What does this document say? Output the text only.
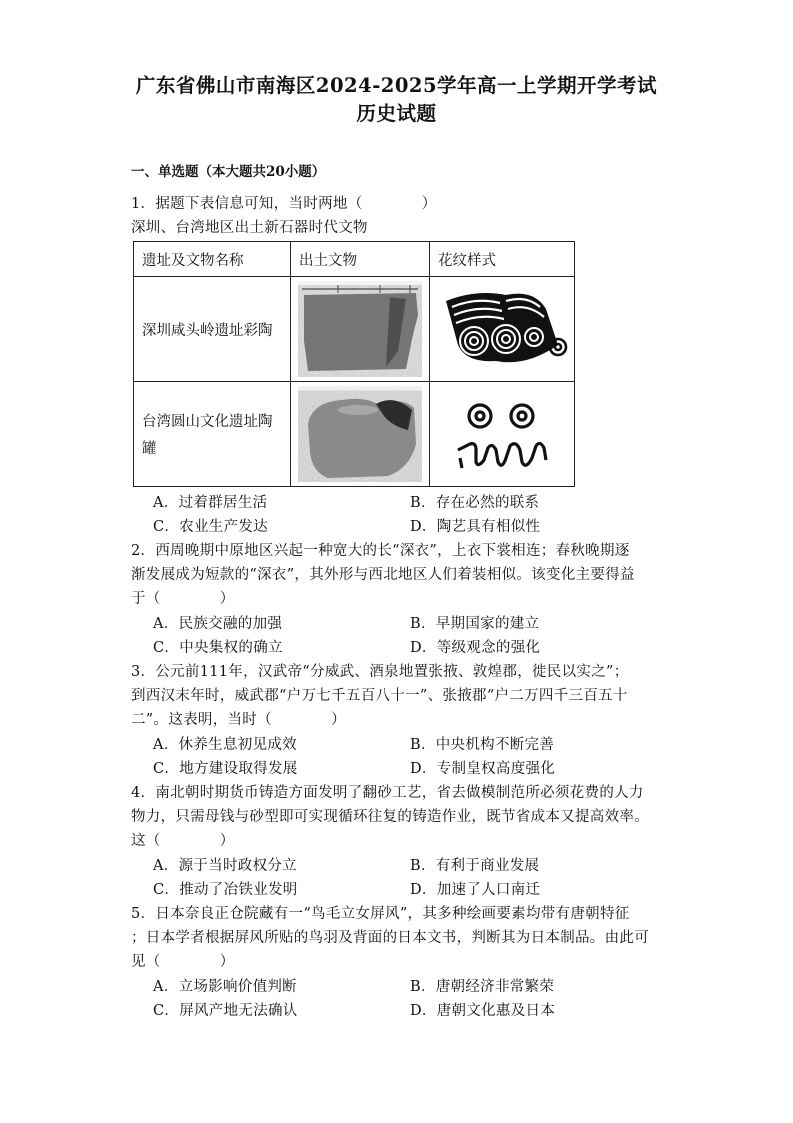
广东省佛山市南海区2024-2025学年高一上学期开学考试
历史试题
一、单选题（本大题共20小题）
1．据题下表信息可知，当时两地（　　　　）
深圳、台湾地区出土新石器时代文物
遗址及文物名称	出土文物	花纹样式
深圳咸头岭遗址彩陶	

台湾圆山文化遗址陶
罐

A．过着群居生活	B．存在必然的联系
C．农业生产发达	D．陶艺具有相似性
2．西周晚期中原地区兴起一种宽大的长“深衣”，上衣下裳相连；春秋晚期逐
渐发展成为短款的“深衣”，其外形与西北地区人们着装相似。该变化主要得益
于（　　　　）
A．民族交融的加强	B．早期国家的建立
C．中央集权的确立	D．等级观念的强化
3．公元前111年，汉武帝“分威武、酒泉地置张掖、敦煌郡，徙民以实之”；
到西汉末年时，威武郡“户万七千五百八十一”、张掖郡“户二万四千三百五十
二”。这表明，当时（　　　　）
A．休养生息初见成效	B．中央机构不断完善
C．地方建设取得发展	D．专制皇权高度强化
4．南北朝时期货币铸造方面发明了翻砂工艺，省去做模制范所必须花费的人力
物力，只需母钱与砂型即可实现循环往复的铸造作业，既节省成本又提高效率。
这（　　　　）
A．源于当时政权分立	B．有利于商业发展
C．推动了冶铁业发明	D．加速了人口南迁
5．日本奈良正仓院藏有一“鸟毛立女屏风”，其多种绘画要素均带有唐朝特征
；日本学者根据屏风所贴的鸟羽及背面的日本文书，判断其为日本制品。由此可
见（　　　　）
A．立场影响价值判断	B．唐朝经济非常繁荣
C．屏风产地无法确认	D．唐朝文化惠及日本
